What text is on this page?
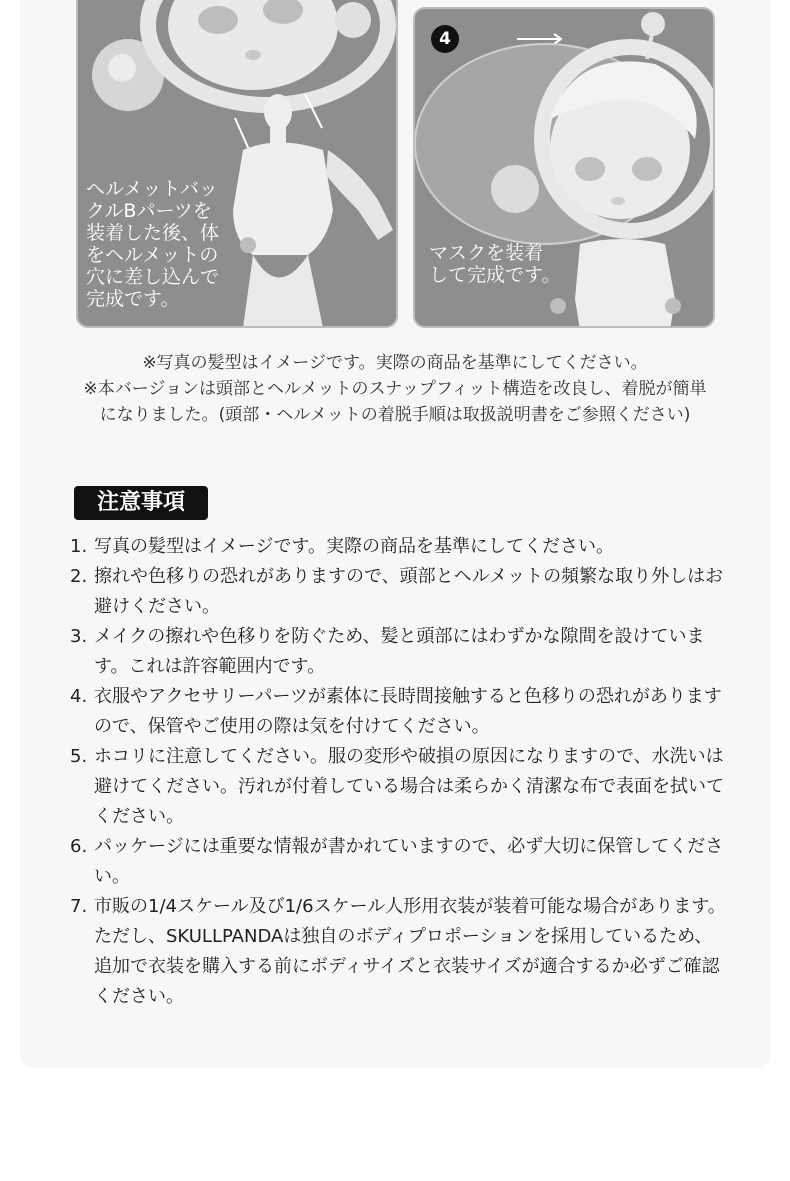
ヘルメットバッ
クルBパーツを
装着した後、体
をヘルメットの
穴に差し込んで
完成です。
4
マスクを装着
して完成です。

※写真の髪型はイメージです。実際の商品を基準にしてください。

※本バージョンは頭部とヘルメットのスナップフィット構造を改良し、着脱が簡単

になりました。(頭部・ヘルメットの着脱手順は取扱説明書をご参照ください)

注意事項
1. 写真の髪型はイメージです。実際の商品を基準にしてください。
2. 擦れや色移りの恐れがありますので、頭部とヘルメットの頻繁な取り外しはお避けください。
3. メイクの擦れや色移りを防ぐため、髪と頭部にはわずかな隙間を設けています。これは許容範囲内です。
4. 衣服やアクセサリーパーツが素体に長時間接触すると色移りの恐れがありますので、保管やご使用の際は気を付けてください。
5. ホコリに注意してください。服の変形や破損の原因になりますので、水洗いは避けてください。汚れが付着している場合は柔らかく清潔な布で表面を拭いてください。
6. パッケージには重要な情報が書かれていますので、必ず大切に保管してください。
7. 市販の1/4スケール及び1/6スケール人形用衣装が装着可能な場合があります。ただし、SKULLPANDAは独自のボディプロポーションを採用しているため、追加で衣装を購入する前にボディサイズと衣装サイズが適合するか必ずご確認ください。
